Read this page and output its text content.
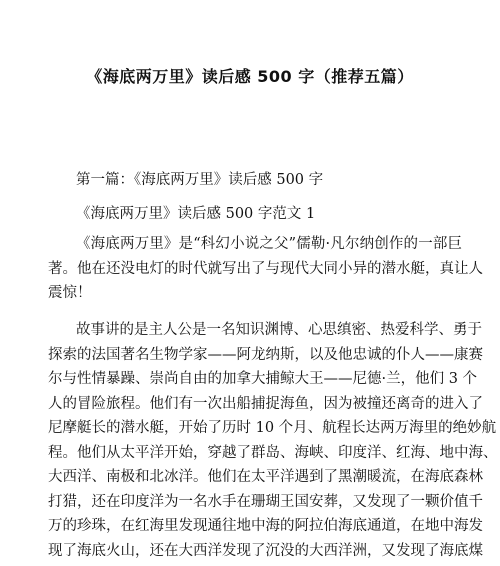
《海底两万里》读后感 500 字（推荐五篇）
第一篇：《海底两万里》读后感 500 字
《海底两万里》读后感 500 字范文 1
《海底两万里》是“科幻小说之父”儒勒·凡尔纳创作的一部巨
著。他在还没电灯的时代就写出了与现代大同小异的潜水艇，真让人
震惊！
故事讲的是主人公是一名知识渊博、心思缜密、热爱科学、勇于
探索的法国著名生物学家——阿龙纳斯，以及他忠诚的仆人——康赛
尔与性情暴躁、崇尚自由的加拿大捕鲸大王——尼德·兰，他们 3 个
人的冒险旅程。他们有一次出船捕捉海鱼，因为被撞还离奇的进入了
尼摩艇长的潜水艇，开始了历时 10 个月、航程长达两万海里的绝妙航
程。他们从太平洋开始，穿越了群岛、海峡、印度洋、红海、地中海、
大西洋、南极和北冰洋。他们在太平洋遇到了黑潮暖流，在海底森林
打猎，还在印度洋为一名水手在珊瑚王国安葬，又发现了一颗价值千
万的珍珠，在红海里发现通往地中海的阿拉伯海底通道，在地中海发
现了海底火山，还在大西洋发现了沉没的大西洋洲，又发现了海底煤
